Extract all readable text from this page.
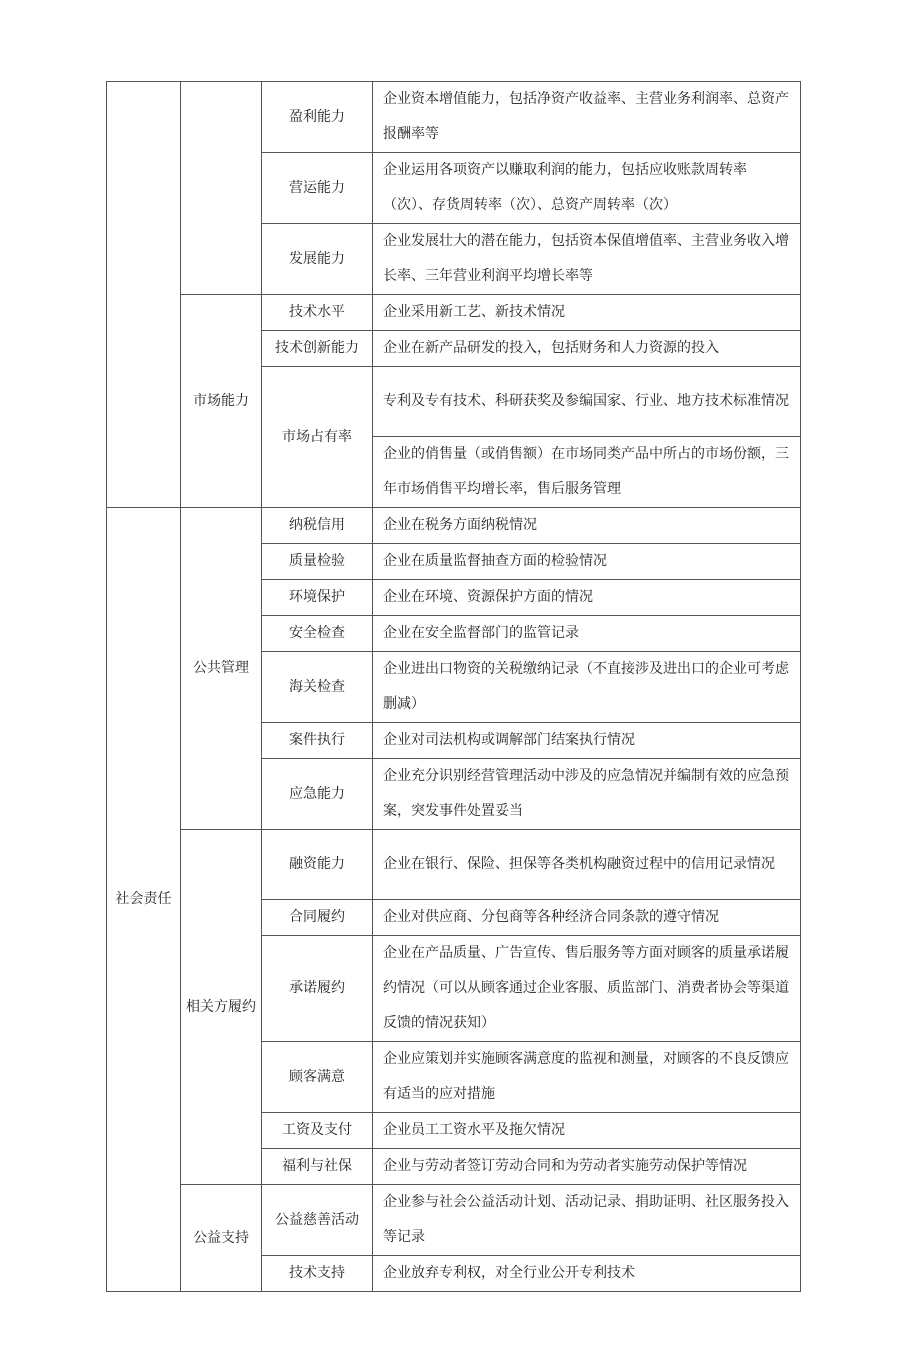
		盈利能力	企业资本增值能力，包括净资产收益率、主营业务利润率、总资产报酬率等

		营运能力	企业运用各项资产以赚取利润的能力，包括应收账款周转率（次）、存货周转率（次）、总资产周转率（次）

		发展能力	企业发展壮大的潜在能力，包括资本保值增值率、主营业务收入增长率、三年营业利润平均增长率等

	市场能力	技术水平	企业采用新工艺、新技术情况

		技术创新能力	企业在新产品研发的投入，包括财务和人力资源的投入

		市场占有率	专利及专有技术、科研获奖及参编国家、行业、地方技术标准情况

			企业的俏售量（或俏售额）在市场同类产品中所占的市场份额，三年市场俏售平均增长率，售后服务管理

社会责任	公共管理	纳税信用	企业在税务方面纳税情况

		质量检验	企业在质量监督抽查方面的检验情况

		环境保护	企业在环境、资源保护方面的情况

		安全检查	企业在安全监督部门的监管记录

		海关检查	企业进出口物资的关税缴纳记录（不直接涉及进出口的企业可考虑删减）

		案件执行	企业对司法机构或调解部门结案执行情况

		应急能力	企业充分识别经营管理活动中涉及的应急情况并编制有效的应急预案，突发事件处置妥当

	相关方履约	融资能力	企业在银行、保险、担保等各类机构融资过程中的信用记录情况

		合同履约	企业对供应商、分包商等各种经济合同条款的遵守情况

		承诺履约	企业在产品质量、广告宣传、售后服务等方面对顾客的质量承诺履约情况（可以从顾客通过企业客服、质监部门、消费者协会等渠道反馈的情况获知）

		顾客满意	企业应策划并实施顾客满意度的监视和测量，对顾客的不良反馈应有适当的应对措施

		工资及支付	企业员工工资水平及拖欠情况

		福利与社保	企业与劳动者签订劳动合同和为劳动者实施劳动保护等情况

	公益支持	公益慈善活动	企业参与社会公益活动计划、活动记录、捐助证明、社区服务投入等记录

		技术支持	企业放弃专利权，对全行业公开专利技术
